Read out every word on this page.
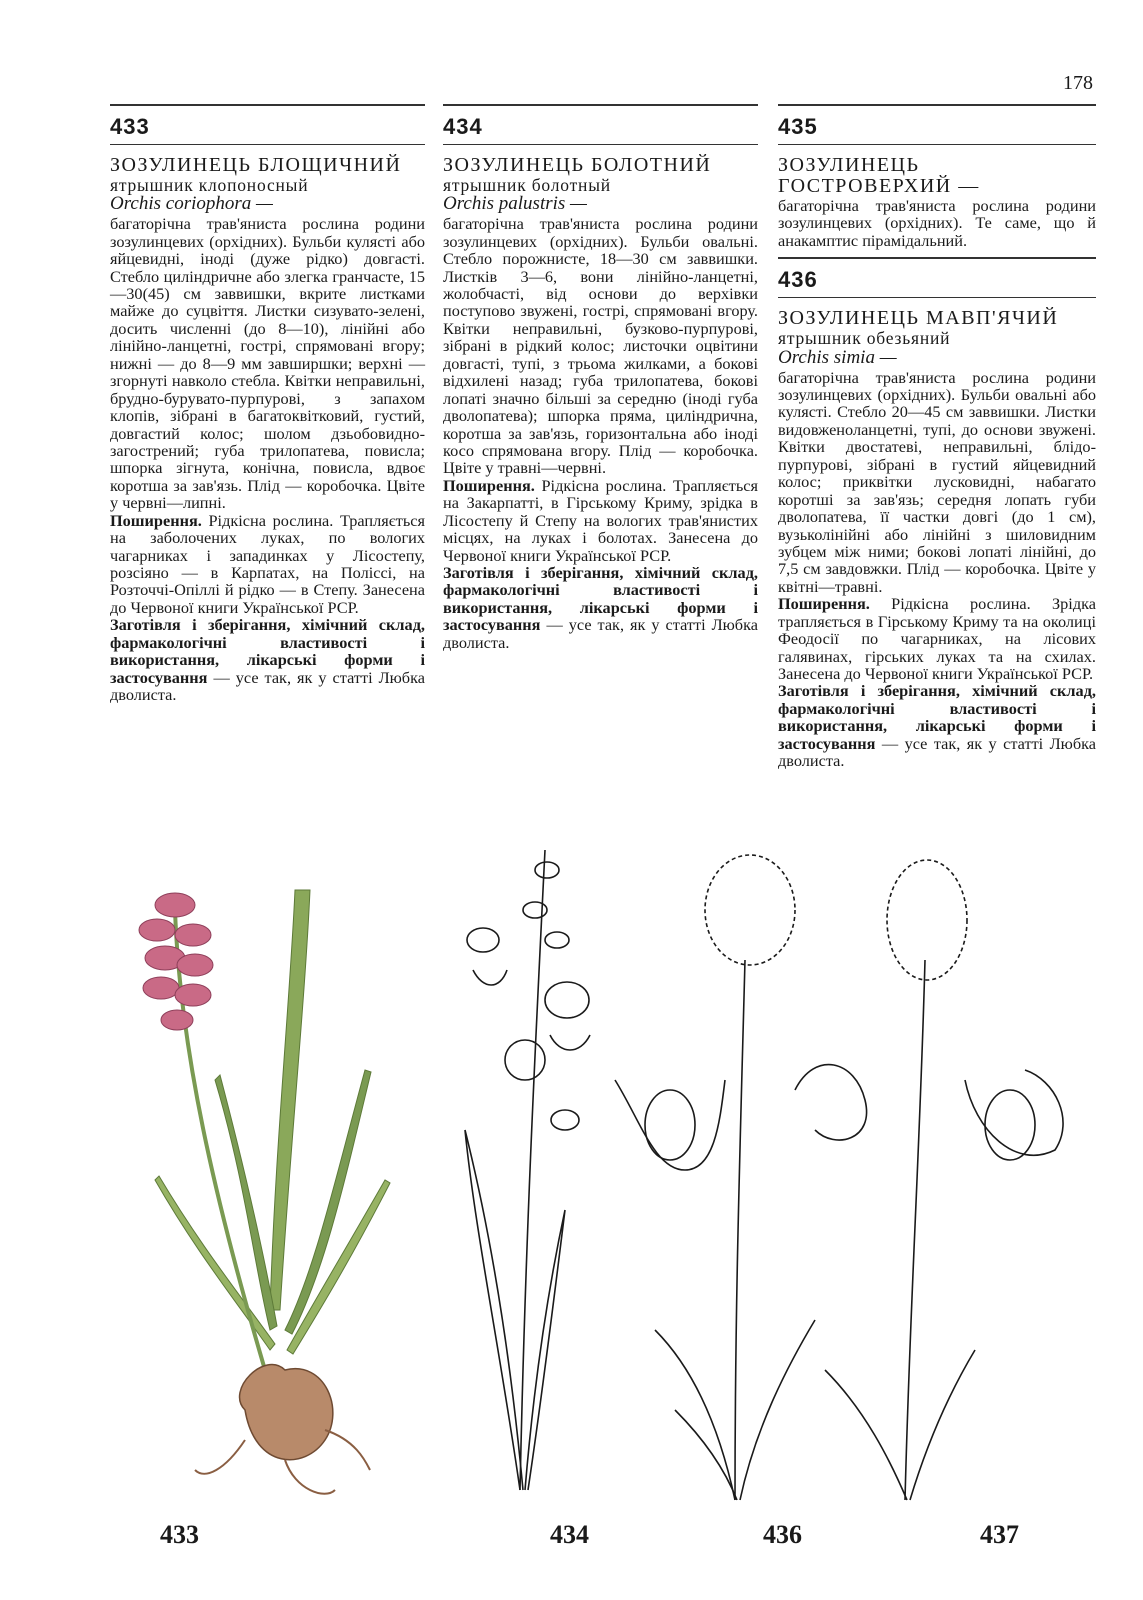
178
433
ЗОЗУЛИНЕЦЬ БЛОЩИЧНИЙ
ятрышник клопоносный
Orchis coriophora —

багаторічна трав'яниста рослина родини зозулинцевих (орхідних). Бульби кулясті або яйцевидні, іноді (дуже рідко) довгасті. Стебло циліндричне або злегка гранчасте, 15—30(45) см заввишки, вкрите листками майже до суцвіття. Листки сизувато-зелені, досить численні (до 8—10), лінійні або лінійно-ланцетні, гострі, спрямовані вгору; нижні — до 8—9 мм завширшки; верхні — згорнуті навколо стебла. Квітки неправильні, брудно-бурувато-пурпурові, з запахом клопів, зібрані в багатоквітковий, густий, довгастий колос; шолом дзьобовидно-загострений; губа трилопатева, повисла; шпорка зігнута, конічна, повисла, вдвоє коротша за зав'язь. Плід — коробочка. Цвіте у червні—липні.

Поширення. Рідкісна рослина. Трапляється на заболочених луках, по вологих чагарниках і западинках у Лісостепу, розсіяно — в Карпатах, на Поліссі, на Розточчі-Опіллі й рідко — в Степу. Занесена до Червоної книги Української РСР.

Заготівля і зберігання, хімічний склад, фармакологічні властивості і використання, лікарські форми і застосування — усе так, як у статті Любка дволиста.

434
ЗОЗУЛИНЕЦЬ БОЛОТНИЙ
ятрышник болотный
Orchis palustris —

багаторічна трав'яниста рослина родини зозулинцевих (орхідних). Бульби овальні. Стебло порожнисте, 18—30 см заввишки. Листків 3—6, вони лінійно-ланцетні, жолобчасті, від основи до верхівки поступово звужені, гострі, спрямовані вгору. Квітки неправильні, бузково-пурпурові, зібрані в рідкий колос; листочки оцвітини довгасті, тупі, з трьома жилками, а бокові відхилені назад; губа трилопатева, бокові лопаті значно більші за середню (іноді губа дволопатева); шпорка пряма, циліндрична, коротша за зав'язь, горизонтальна або іноді косо спрямована вгору. Плід — коробочка. Цвіте у травні—червні.

Поширення. Рідкісна рослина. Трапляється на Закарпатті, в Гірському Криму, зрідка в Лісостепу й Степу на вологих трав'янистих місцях, на луках і болотах. Занесена до Червоної книги Української РСР.

Заготівля і зберігання, хімічний склад, фармакологічні властивості і використання, лікарські форми і застосування — усе так, як у статті Любка дволиста.

435
ЗОЗУЛИНЕЦЬ ГОСТРОВЕРХИЙ —

багаторічна трав'яниста рослина родини зозулинцевих (орхідних). Те саме, що й анакамптис пірамідальний.

436
ЗОЗУЛИНЕЦЬ МАВП'ЯЧИЙ
ятрышник обезьяний
Orchis simia —

багаторічна трав'яниста рослина родини зозулинцевих (орхідних). Бульби овальні або кулясті. Стебло 20—45 см заввишки. Листки видовженоланцетні, тупі, до основи звужені. Квітки двостатеві, неправильні, блідо-пурпурові, зібрані в густий яйцевидний колос; приквітки лусковидні, набагато коротші за зав'язь; середня лопать губи дволопатева, її частки довгі (до 1 см), вузьколінійні або лінійні з шиловидним зубцем між ними; бокові лопаті лінійні, до 7,5 см завдовжки. Плід — коробочка. Цвіте у квітні—травні.

Поширення. Рідкісна рослина. Зрідка трапляється в Гірському Криму та на околиці Феодосії по чагарниках, на лісових галявинах, гірських луках та на схилах. Занесена до Червоної книги Української РСР.

Заготівля і зберігання, хімічний склад, фармакологічні властивості і використання, лікарські форми і застосування — усе так, як у статті Любка дволиста.

433	434	436	437
